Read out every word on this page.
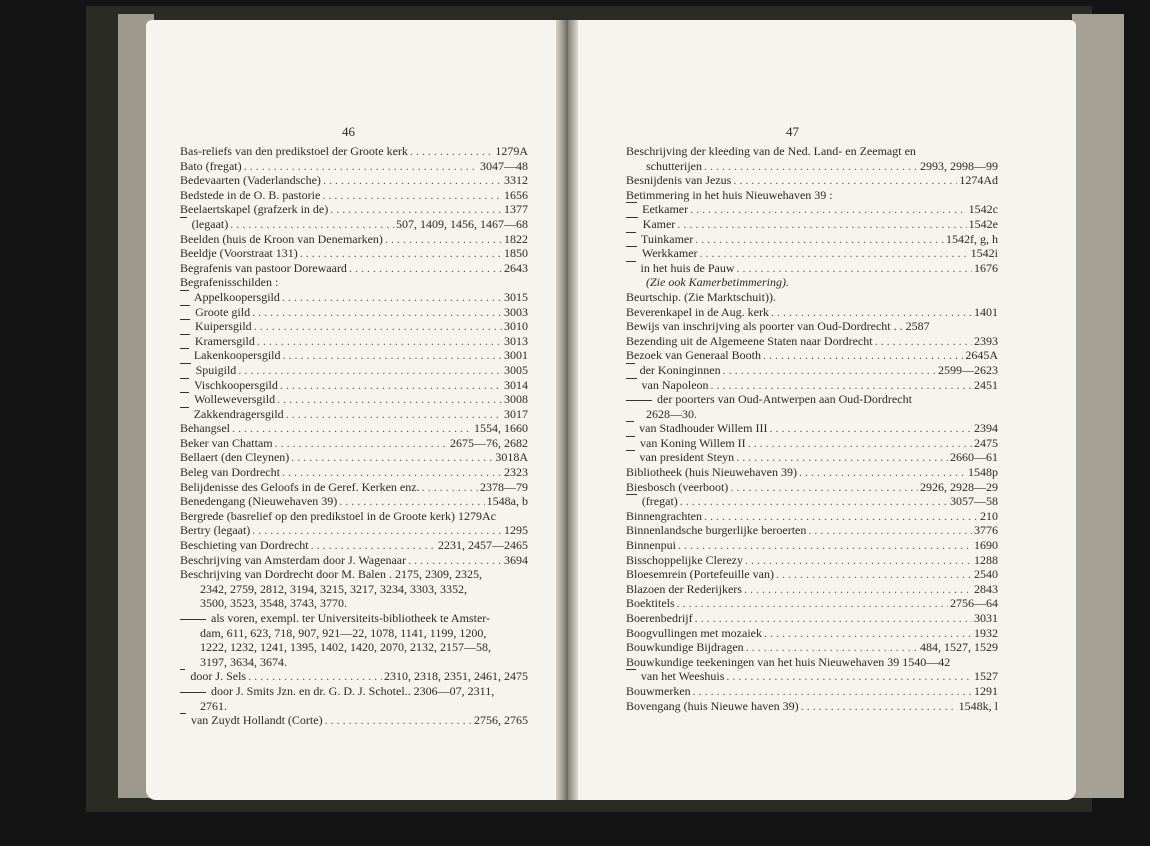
46
Bas-reliefs van den predikstoel der Groote kerk . . .	1279A
Bato (fregat) . . .	3047—48
Bedevaarten (Vaderlandsche) . . .	3312
Bedstede in de O. B. pastorie . . .	1656
Beelaertskapel (grafzerk in de) . . .	1377
(legaat) . . .	507, 1409, 1456, 1467—68
Beelden (huis de Kroon van Denemarken) . . .	1822
Beeldje (Voorstraat 131) . . .	1850
Begrafenis van pastoor Dorewaard . . .	2643
Begrafenisschilden :
Appelkoopersgild . . .	3015
Groote gild . . .	3003
Kuipersgild . . .	3010
Kramersgild . . .	3013
Lakenkoopersgild . . .	3001
Spuigild . . .	3005
Vischkoopersgild . . .	3014
Wolleweversgild . . .	3008
Zakkendragersgild . . .	3017
Behangsel . . .	1554, 1660
Beker van Chattam . . .	2675—76, 2682
Bellaert (den Cleynen) . . .	3018A
Beleg van Dordrecht . . .	2323
Belijdenisse des Geloofs in de Geref. Kerken enz. . . .	2378—79
Benedengang (Nieuwehaven 39) . . .	1548a, b
Bergrede (basrelief op den predikstoel in de Groote kerk) 1279Ac
Bertry (legaat) . . .	1295
Beschieting van Dordrecht . . .	2231, 2457—2465
Beschrijving van Amsterdam door J. Wagenaar . . .	3694
Beschrijving van Dordrecht door M. Balen . 2175, 2309, 2325,
2342, 2759, 2812, 3194, 3215, 3217, 3234, 3303, 3352,
3500, 3523, 3548, 3743, 3770.
als voren, exempl. ter Universiteits-bibliotheek te Amster-
dam, 611, 623, 718, 907, 921—22, 1078, 1141, 1199, 1200,
1222, 1232, 1241, 1395, 1402, 1420, 2070, 2132, 2157—58,
3197, 3634, 3674.
door J. Sels . . .	2310, 2318, 2351, 2461, 2475
door J. Smits Jzn. en dr. G. D. J. Schotel.. 2306—07, 2311,
2761.
van Zuydt Hollandt (Corte) . . .	2756, 2765
47
Beschrijving der kleeding van de Ned. Land- en Zeemagt en
schutterijen . . .	2993, 2998—99
Besnijdenis van Jezus . . .	1274Ad
Betimmering in het huis Nieuwehaven 39 :
Eetkamer . . .	1542c
Kamer . . .	1542e
Tuinkamer . . .	1542f, g, h
Werkkamer . . .	1542i
in het huis de Pauw . . .	1676
(Zie ook Kamerbetimmering).
Beurtschip. (Zie Marktschuit)).
Beverenkapel in de Aug. kerk . . .	1401
Bewijs van inschrijving als poorter van Oud-Dordrecht . . 2587
Bezending uit de Algemeene Staten naar Dordrecht . . .	2393
Bezoek van Generaal Booth . . .	2645A
der Koninginnen . . .	2599—2623
van Napoleon . . .	2451
der poorters van Oud-Antwerpen aan Oud-Dordrecht
2628—30.
van Stadhouder Willem III . . .	2394
van Koning Willem II . . .	2475
van president Steyn . . .	2660—61
Bibliotheek (huis Nieuwehaven 39) . . .	1548p
Biesbosch (veerboot) . . .	2926, 2928—29
(fregat) . . .	3057—58
Binnengrachten . . .	210
Binnenlandsche burgerlijke beroerten . . .	3776
Binnenpui . . .	1690
Bisschoppelijke Clerezy . . .	1288
Bloesemrein (Portefeuille van) . . .	2540
Blazoen der Rederijkers . . .	2843
Boektitels . . .	2756—64
Boerenbedrijf . . .	3031
Boogvullingen met mozaiek . . .	1932
Bouwkundige Bijdragen . . .	484, 1527, 1529
Bouwkundige teekeningen van het huis Nieuwehaven 39 1540—42
van het Weeshuis . . .	1527
Bouwmerken . . .	1291
Bovengang (huis Nieuwe haven 39) . . .	1548k, l
